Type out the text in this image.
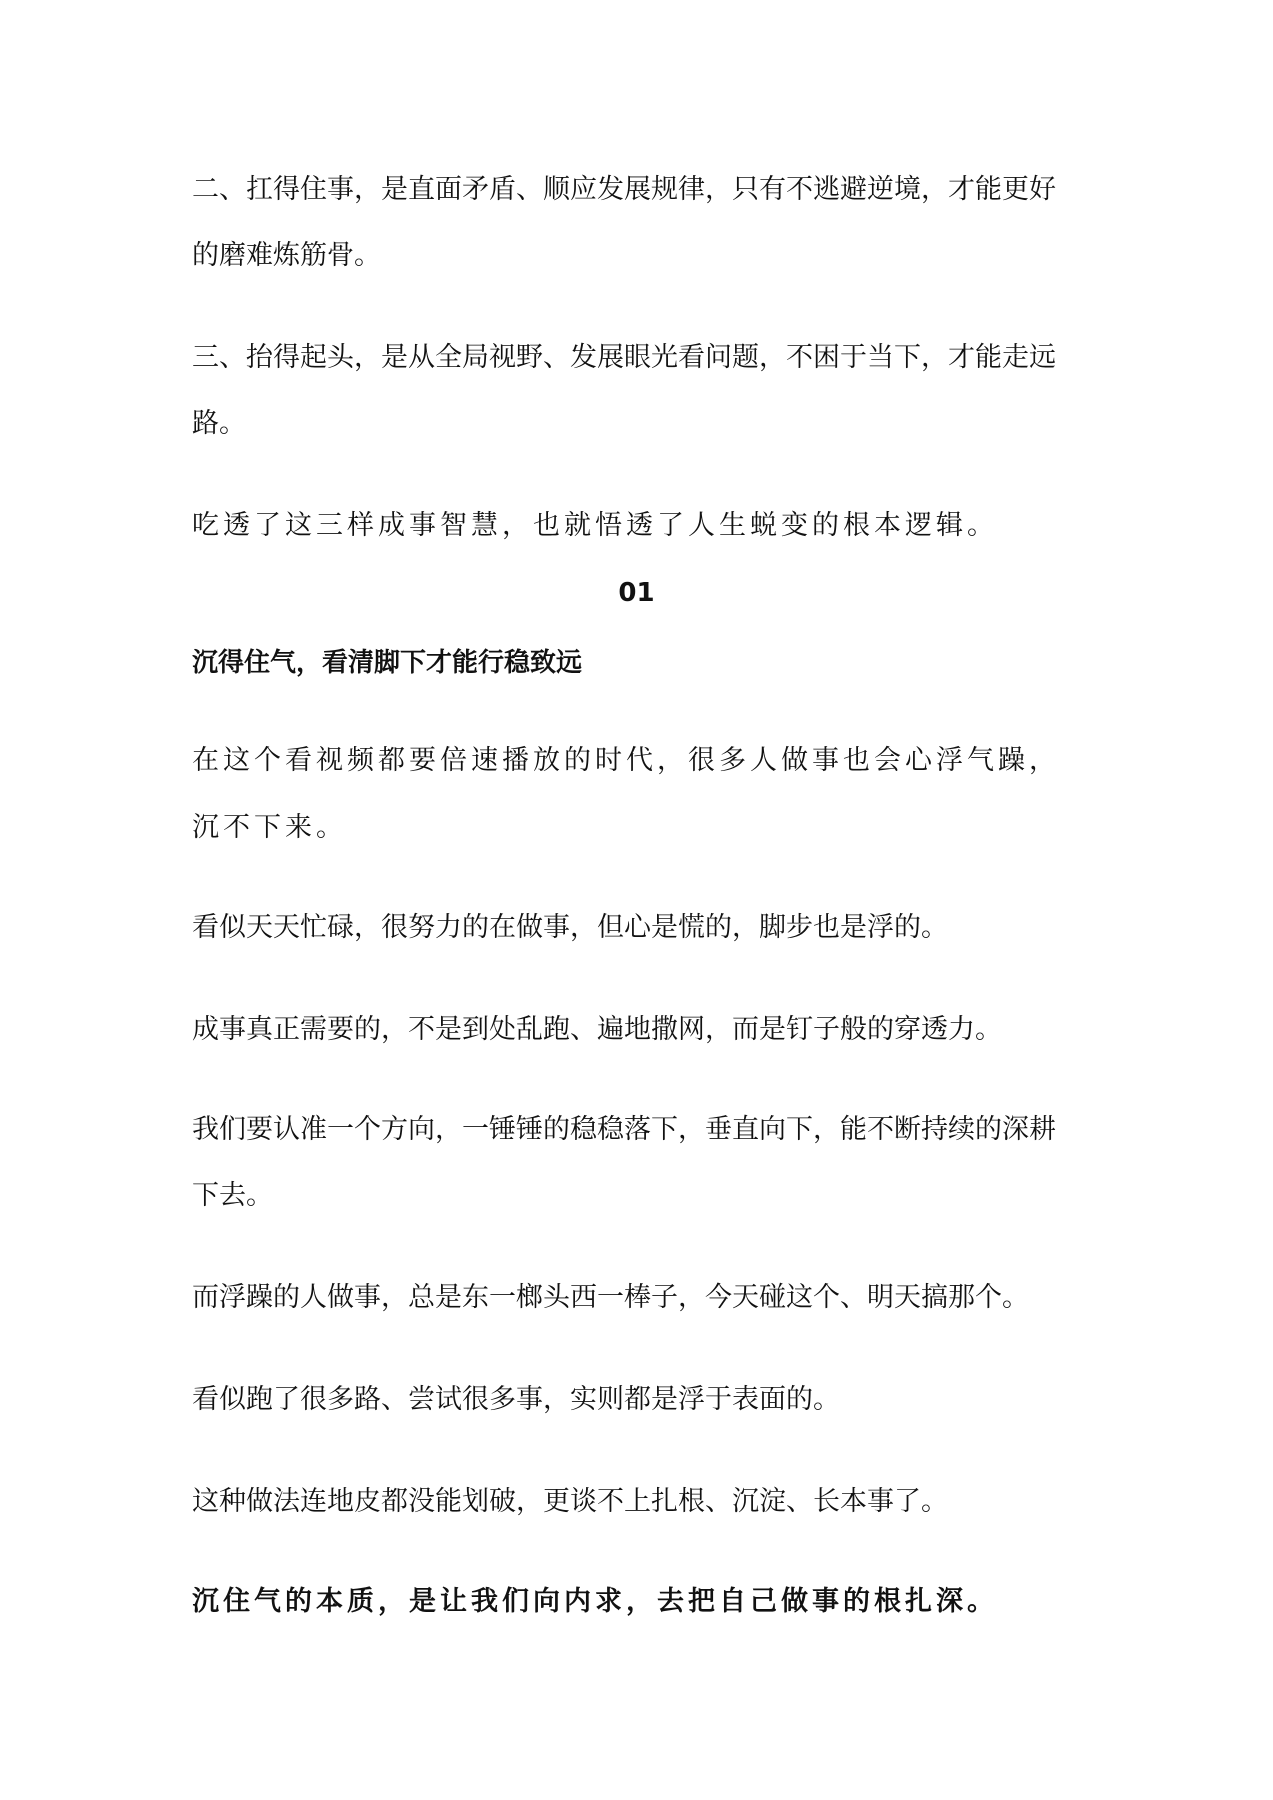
二、扛得住事，是直面矛盾、顺应发展规律，只有不逃避逆境，才能更好
的磨难炼筋骨。
三、抬得起头，是从全局视野、发展眼光看问题，不困于当下，才能走远
路。
吃透了这三样成事智慧，也就悟透了人生蜕变的根本逻辑。
01
沉得住气，看清脚下才能行稳致远
在这个看视频都要倍速播放的时代，很多人做事也会心浮气躁，
沉不下来。
看似天天忙碌，很努力的在做事，但心是慌的，脚步也是浮的。
成事真正需要的，不是到处乱跑、遍地撒网，而是钉子般的穿透力。
我们要认准一个方向，一锤锤的稳稳落下，垂直向下，能不断持续的深耕
下去。
而浮躁的人做事，总是东一榔头西一棒子，今天碰这个、明天搞那个。
看似跑了很多路、尝试很多事，实则都是浮于表面的。
这种做法连地皮都没能划破，更谈不上扎根、沉淀、长本事了。
沉住气的本质，是让我们向内求，去把自己做事的根扎深。
